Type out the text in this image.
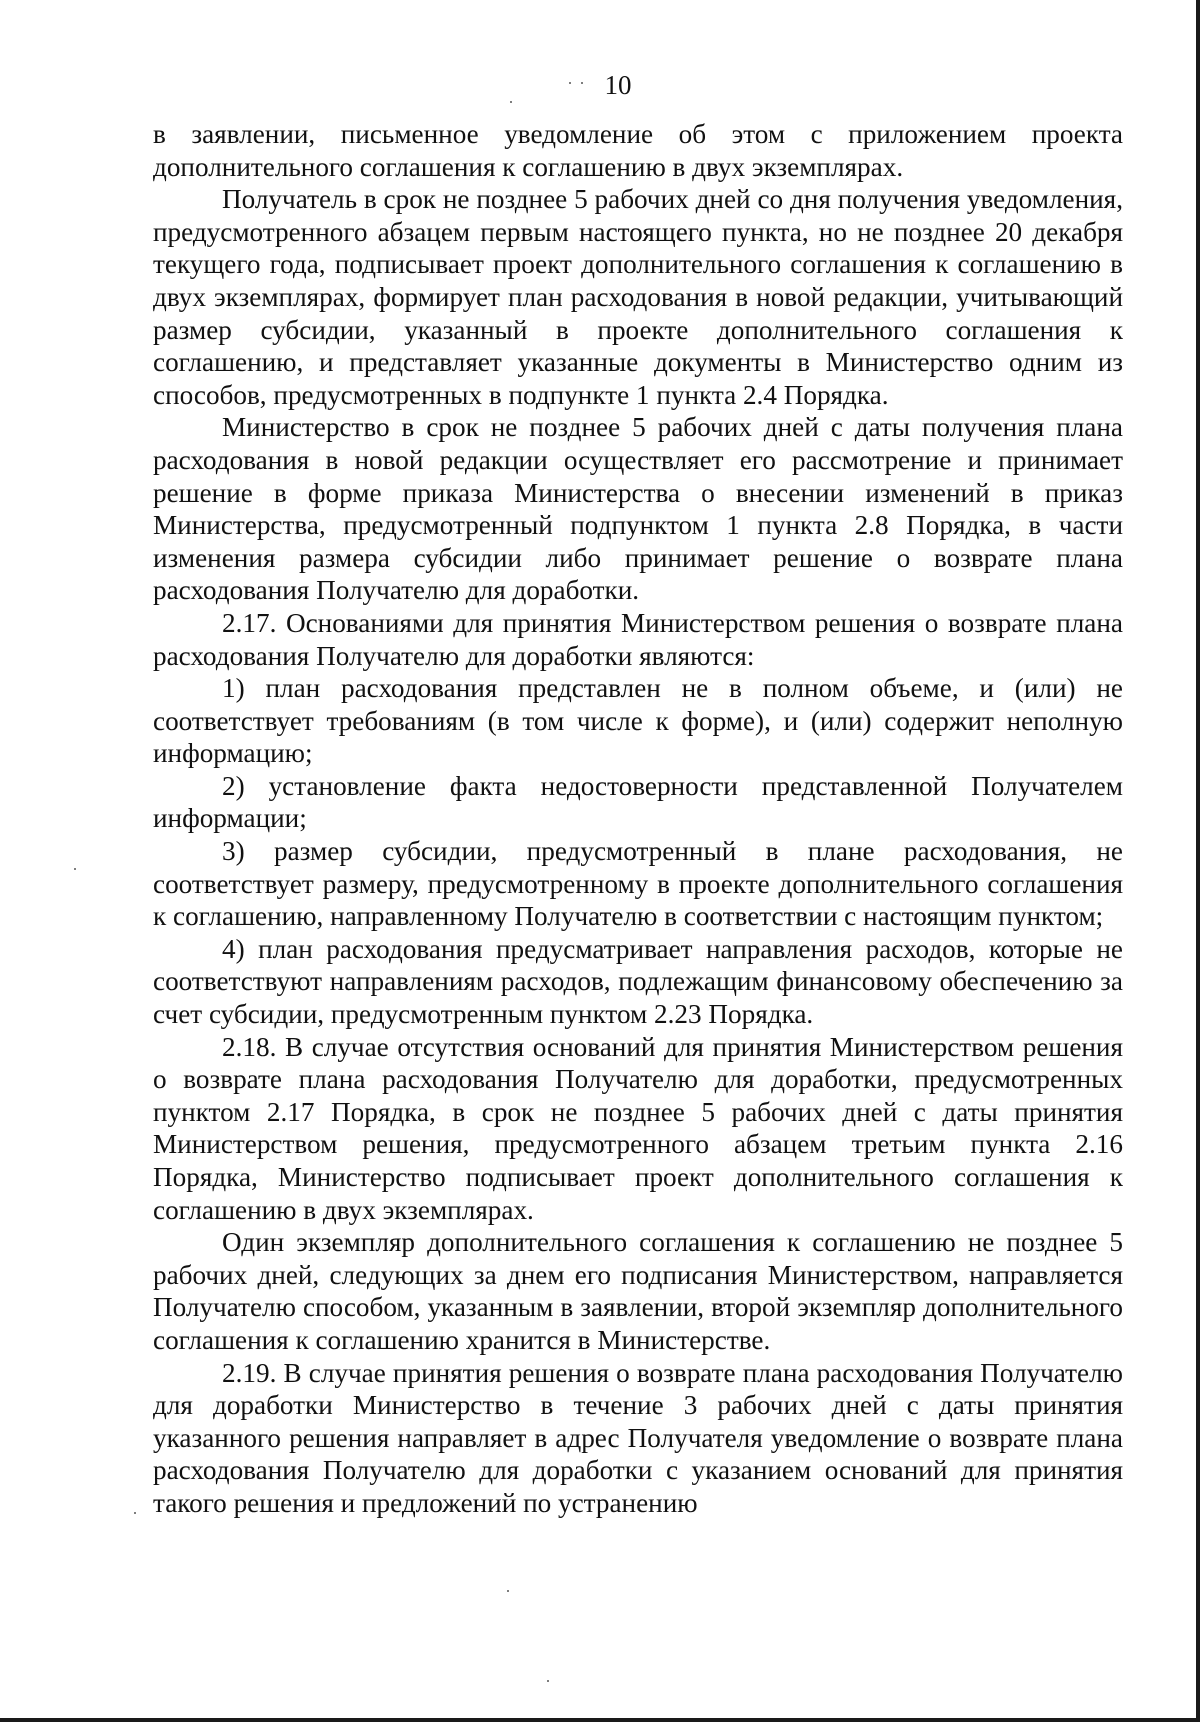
10

в заявлении, письменное уведомление об этом с приложением проекта дополнительного соглашения к соглашению в двух экземплярах.

Получатель в срок не позднее 5 рабочих дней со дня получения уведомления, предусмотренного абзацем первым настоящего пункта, но не позднее 20 декабря текущего года, подписывает проект дополнительного соглашения к соглашению в двух экземплярах, формирует план расходования в новой редакции, учитывающий размер субсидии, указанный в проекте дополнительного соглашения к соглашению, и представляет указанные документы в Министерство одним из способов, предусмотренных в подпункте 1 пункта 2.4 Порядка.

Министерство в срок не позднее 5 рабочих дней с даты получения плана расходования в новой редакции осуществляет его рассмотрение и принимает решение в форме приказа Министерства о внесении изменений в приказ Министерства, предусмотренный подпунктом 1 пункта 2.8 Порядка, в части изменения размера субсидии либо принимает решение о возврате плана расходования Получателю для доработки.

2.17. Основаниями для принятия Министерством решения о возврате плана расходования Получателю для доработки являются:

1) план расходования представлен не в полном объеме, и (или) не соответствует требованиям (в том числе к форме), и (или) содержит неполную информацию;

2) установление факта недостоверности представленной Получателем информации;

3) размер субсидии, предусмотренный в плане расходования, не соответствует размеру, предусмотренному в проекте дополнительного соглашения к соглашению, направленному Получателю в соответствии с настоящим пунктом;

4) план расходования предусматривает направления расходов, которые не соответствуют направлениям расходов, подлежащим финансовому обеспечению за счет субсидии, предусмотренным пунктом 2.23 Порядка.

2.18. В случае отсутствия оснований для принятия Министерством решения о возврате плана расходования Получателю для доработки, предусмотренных пунктом 2.17 Порядка, в срок не позднее 5 рабочих дней с даты принятия Министерством решения, предусмотренного абзацем третьим пункта 2.16 Порядка, Министерство подписывает проект дополнительного соглашения к соглашению в двух экземплярах.

Один экземпляр дополнительного соглашения к соглашению не позднее 5 рабочих дней, следующих за днем его подписания Министерством, направляется Получателю способом, указанным в заявлении, второй экземпляр дополнительного соглашения к соглашению хранится в Министерстве.

2.19. В случае принятия решения о возврате плана расходования Получателю для доработки Министерство в течение 3 рабочих дней с даты принятия указанного решения направляет в адрес Получателя уведомление о возврате плана расходования Получателю для доработки с указанием оснований для принятия такого решения и предложений по устранению
